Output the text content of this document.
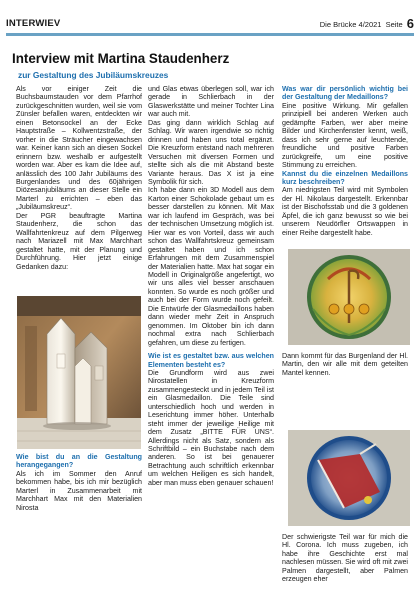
INTERWIEV	Die Brücke 4/2021 Seite 6
Interview mit Martina Staudenherz
zur Gestaltung des Jubiläumskreuzes

Als vor einiger Zeit die Buchsbaumstauden vor dem Pfarrhof zurückgeschnitten wurden, weil sie vom Zünsler befallen waren, entdeckten wir einen Betonsockel an der Ecke Hauptstraße – Kollwentzstraße, der vorher in die Sträucher eingewachsen war. Keiner kann sich an diesen Sockel erinnern bzw. weshalb er aufgestellt worden war. Aber es kam die Idee auf, anlässlich des 100 Jahr Jubiläums des Burgenlandes und des 60jährigen Diözesanjubiläums an dieser Stelle ein Marterl zu errichten – eben das „Jubiläumskreuz“.

Der PGR beauftragte Martina Staudenherz, die schon das Wallfahrtenkreuz auf dem Pilgerweg nach Mariazell mit Max Marchhart gestaltet hatte, mit der Planung und Durchführung. Hier jetzt einige Gedanken dazu:

Wie bist du an die Gestaltung herangegangen?

Als ich im Sommer den Anruf bekommen habe, bis ich mir bezüglich Marterl in Zusammenarbeit mit Marchhart Max mit den Materialien Nirosta

und Glas etwas überlegen soll, war ich gerade in Schlierbach in der Glaswerkstätte und meiner Tochter Lina war auch mit.

Das ging dann wirklich Schlag auf Schlag. Wir waren irgendwie so richtig drinnen und haben uns total ergänzt. Die Kreuzform entstand nach mehreren Versuchen mit diversen Formen und stellte sich als die mit Abstand beste Variante heraus. Das X ist ja eine Symbolik für sich.

Ich habe dann ein 3D Modell aus dem Karton einer Schokolade gebaut um es besser darstellen zu können. Mit Max war ich laufend im Gespräch, was bei der technischen Umsetzung möglich ist. Hier war es von Vorteil, dass wir auch schon das Wallfahrtskreuz gemeinsam gestaltet haben und ich schon Erfahrungen mit dem Zusammenspiel der Materialien hatte. Max hat sogar ein Modell in Originalgröße angefertigt, wo wir uns alles viel besser anschauen konnten. So wurde es noch größer und auch bei der Form wurde noch gefeilt. Die Entwürfe der Glasmedaillons haben dann wieder mehr Zeit in Anspruch genommen. Im Oktober bin ich dann nochmal extra nach Schlierbach gefahren, um diese zu fertigen.

Wie ist es gestaltet bzw. aus welchen Elementen besteht es?

Die Grundform wird aus zwei Nirostatellen in Kreuzform zusammengesteckt und in jedem Teil ist ein Glasmedaillon. Die Teile sind unterschiedlich hoch und werden in Leserichtung immer höher. Unterhalb steht immer der jeweilige Heilige mit dem Zusatz „BITTE FÜR UNS“. Allerdings nicht als Satz, sondern als Schriftbild – ein Buchstabe nach dem anderen. So ist bei genauerer Betrachtung auch schriftlich erkennbar um welchen Heiligen es sich handelt, aber man muss eben genauer schauen!

Was war dir persönlich wichtig bei der Gestaltung der Medaillons?

Eine positive Wirkung. Mir gefallen prinzipiell bei anderen Werken auch gedämpfte Farben, wer aber meine Bilder und Kirchenfenster kennt, weiß, dass ich sehr gerne auf leuchtende, freundliche und positive Farben zurückgreife, um eine positive Stimmung zu erreichen.

Kannst du die einzelnen Medaillons kurz beschreiben?

Am niedrigsten Teil wird mit Symbolen der Hl. Nikolaus dargestellt. Erkennbar ist der Bischofsstab und die 3 goldenen Äpfel, die ich ganz bewusst so wie bei unserem Neudörfler Ortswappen in einer Reihe dargestellt habe.

Dann kommt für das Burgenland der Hl. Martin, den wir alle mit dem geteilten Mantel kennen.

Der schwierigste Teil war für mich die Hl. Corona. Ich muss zugeben, ich habe ihre Geschichte erst mal nachlesen müssen. Sie wird oft mit zwei Palmen dargestellt, aber Palmen erzeugen eher
